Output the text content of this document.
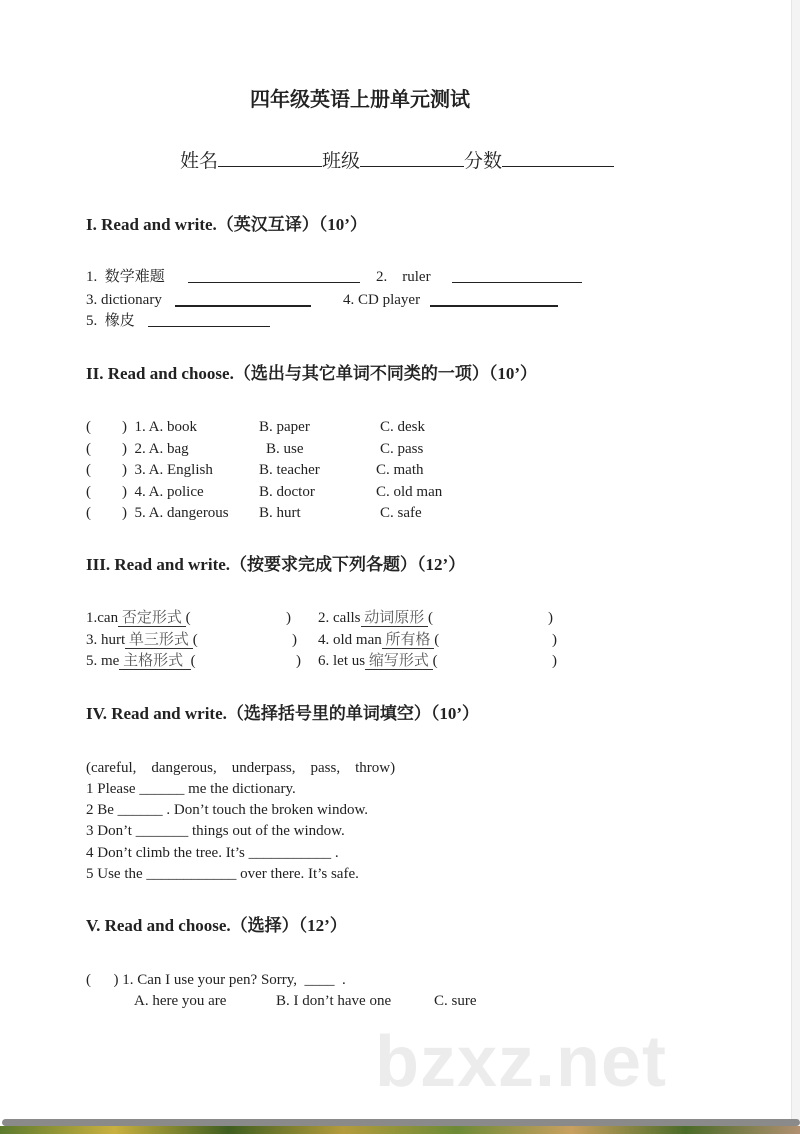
四年级英语上册单元测试
姓名	班级	分数
I. Read and write.（英汉互译）（10’）
1.  数学难题	2.    ruler
3. dictionary	4. CD player
5.  橡皮
II. Read and choose.（选出与其它单词不同类的一项）（10’）
( )  1. A. book	B. paper	C. desk
( )  2. A. bag	B. use	C. pass
( )  3. A. English	B. teacher	C. math
( )  4. A. police	B. doctor	C. old man
( )  5. A. dangerous B. hurt	C. safe
III. Read and write.（按要求完成下列各题）（12’）
1.can 否定形式 (	) 2. calls 动词原形 (	)
3. hurt 单三形式 (	) 4. old man 所有格 (	)
5. me 主格形式  (	) 6. let us 缩写形式 (	)
IV. Read and write.（选择括号里的单词填空）（10’）
(careful,    dangerous,    underpass,    pass,    throw)
1 Please ______ me the dictionary.
2 Be ______ . Don’t touch the broken window.
3 Don’t _______ things out of the window.
4 Don’t climb the tree. It’s ___________ .
5 Use the ____________ over there. It’s safe.
V. Read and choose.（选择）（12’）
(      ) 1. Can I use your pen? Sorry,  ____  .
A. here you are	B. I don’t have one	C. sure
bzxz.net
